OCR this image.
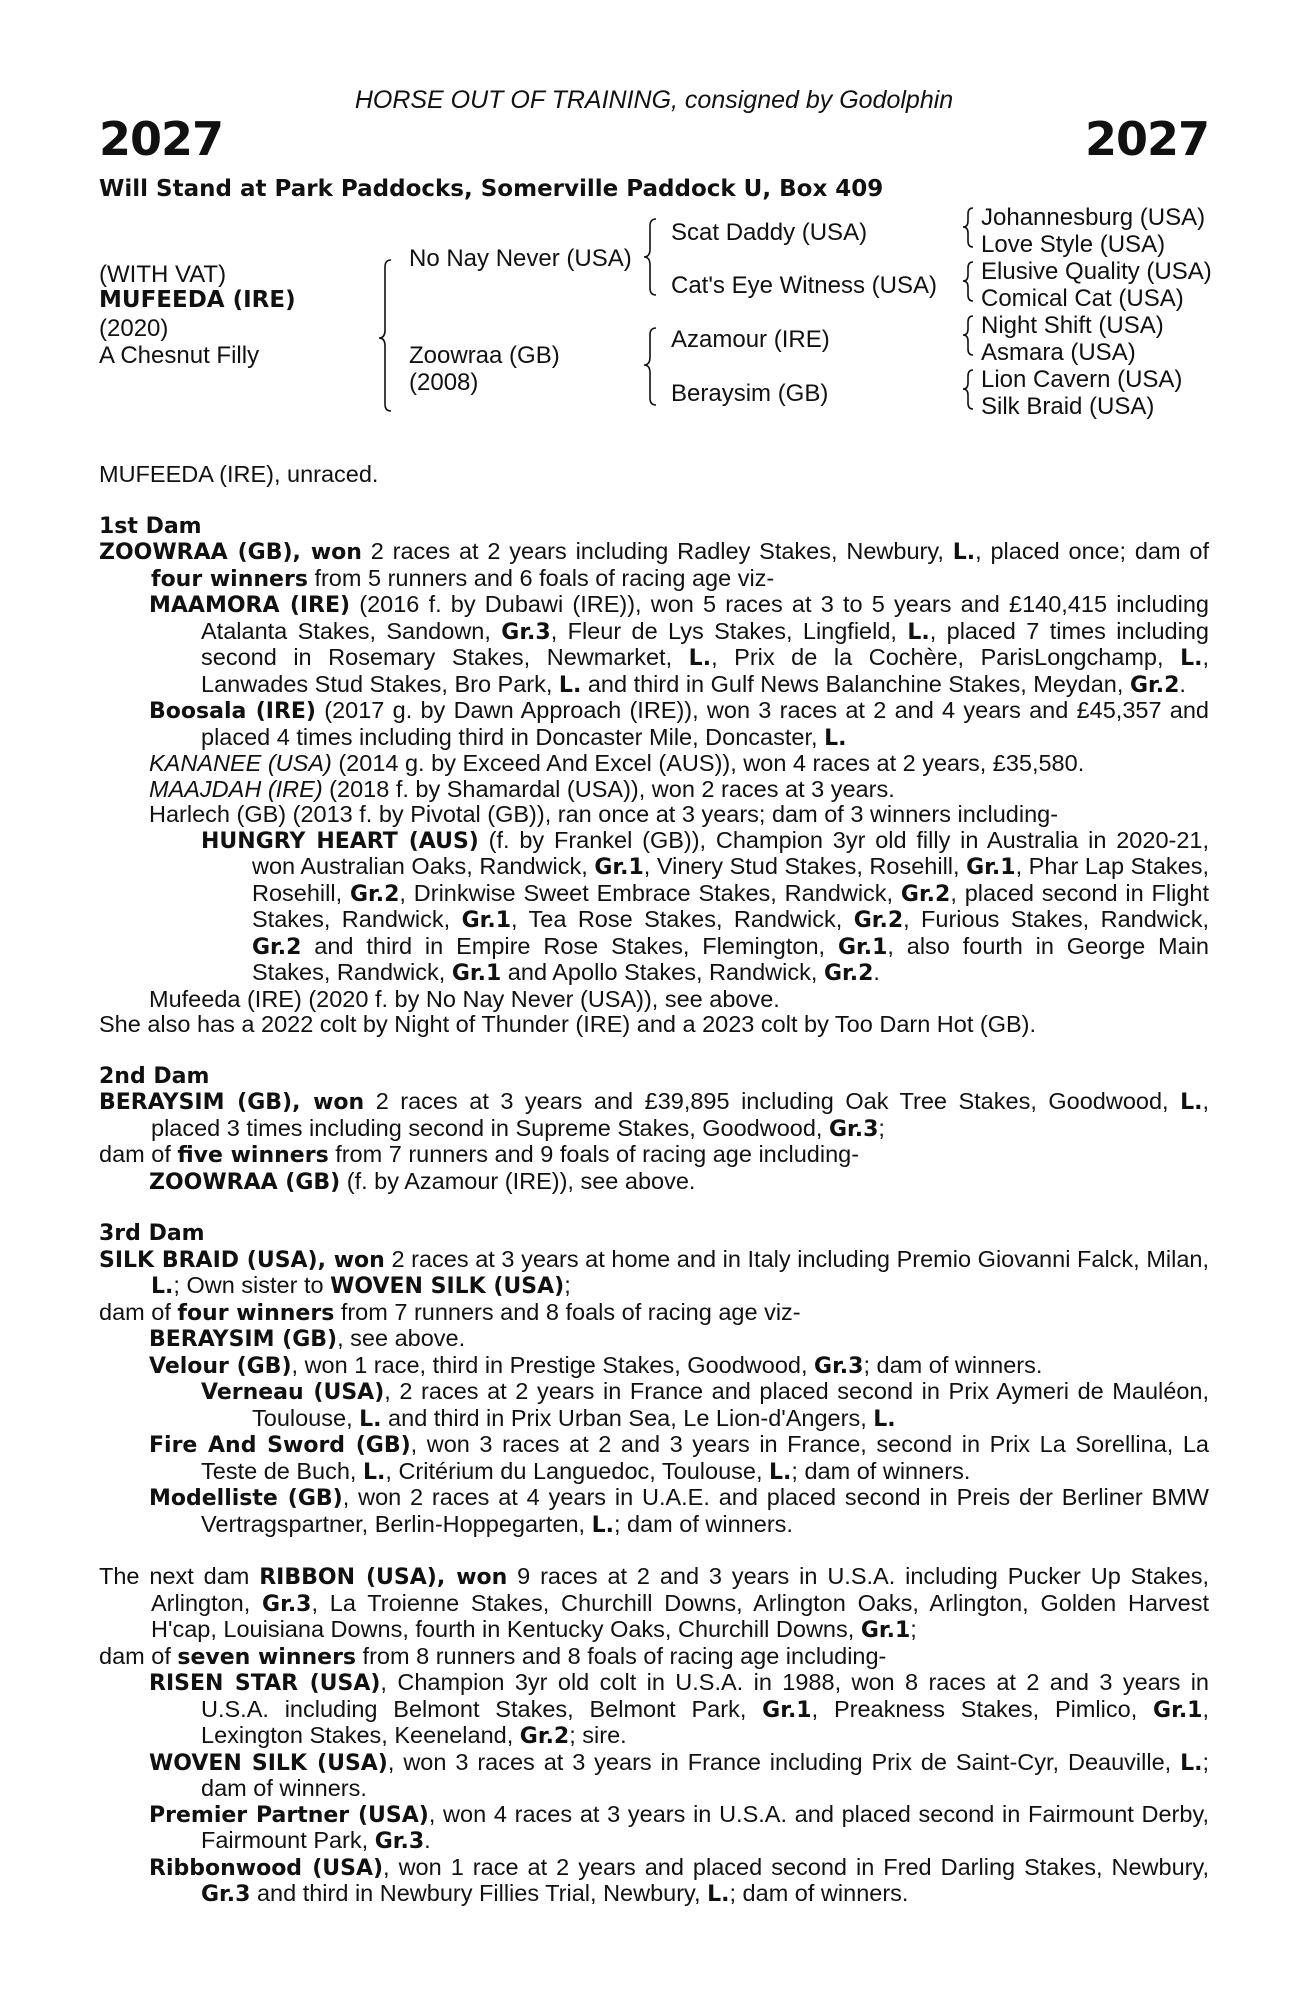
HORSE OUT OF TRAINING, consigned by Godolphin
2027	2027
Will Stand at Park Paddocks, Somerville Paddock U, Box 409
(WITH VAT)
MUFEEDA (IRE)
(2020)
A Chesnut Filly
No Nay Never (USA)
Zoowraa (GB)
(2008)
Scat Daddy (USA)
Cat's Eye Witness (USA)
Azamour (IRE)
Beraysim (GB)
Johannesburg (USA)
Love Style (USA)
Elusive Quality (USA)
Comical Cat (USA)
Night Shift (USA)
Asmara (USA)
Lion Cavern (USA)
Silk Braid (USA)

MUFEEDA (IRE), unraced.

1st Dam

ZOOWRAA (GB), won 2 races at 2 years including Radley Stakes, Newbury, L., placed once; dam of four winners from 5 runners and 6 foals of racing age viz-

MAAMORA (IRE) (2016 f. by Dubawi (IRE)), won 5 races at 3 to 5 years and £140,415 including Atalanta Stakes, Sandown, Gr.3, Fleur de Lys Stakes, Lingfield, L., placed 7 times including second in Rosemary Stakes, Newmarket, L., Prix de la Cochère, ParisLongchamp, L., Lanwades Stud Stakes, Bro Park, L. and third in Gulf News Balanchine Stakes, Meydan, Gr.2.

Boosala (IRE) (2017 g. by Dawn Approach (IRE)), won 3 races at 2 and 4 years and £45,357 and placed 4 times including third in Doncaster Mile, Doncaster, L.

KANANEE (USA) (2014 g. by Exceed And Excel (AUS)), won 4 races at 2 years, £35,580.

MAAJDAH (IRE) (2018 f. by Shamardal (USA)), won 2 races at 3 years.

Harlech (GB) (2013 f. by Pivotal (GB)), ran once at 3 years; dam of 3 winners including-

HUNGRY HEART (AUS) (f. by Frankel (GB)), Champion 3yr old filly in Australia in 2020-21, won Australian Oaks, Randwick, Gr.1, Vinery Stud Stakes, Rosehill, Gr.1, Phar Lap Stakes, Rosehill, Gr.2, Drinkwise Sweet Embrace Stakes, Randwick, Gr.2, placed second in Flight Stakes, Randwick, Gr.1, Tea Rose Stakes, Randwick, Gr.2, Furious Stakes, Randwick, Gr.2 and third in Empire Rose Stakes, Flemington, Gr.1, also fourth in George Main Stakes, Randwick, Gr.1 and Apollo Stakes, Randwick, Gr.2.

Mufeeda (IRE) (2020 f. by No Nay Never (USA)), see above.

She also has a 2022 colt by Night of Thunder (IRE) and a 2023 colt by Too Darn Hot (GB).

2nd Dam

BERAYSIM (GB), won 2 races at 3 years and £39,895 including Oak Tree Stakes, Goodwood, L., placed 3 times including second in Supreme Stakes, Goodwood, Gr.3;

dam of five winners from 7 runners and 9 foals of racing age including-

ZOOWRAA (GB) (f. by Azamour (IRE)), see above.

3rd Dam

SILK BRAID (USA), won 2 races at 3 years at home and in Italy including Premio Giovanni Falck, Milan, L.; Own sister to WOVEN SILK (USA);

dam of four winners from 7 runners and 8 foals of racing age viz-

BERAYSIM (GB), see above.

Velour (GB), won 1 race, third in Prestige Stakes, Goodwood, Gr.3; dam of winners.

Verneau (USA), 2 races at 2 years in France and placed second in Prix Aymeri de Mauléon, Toulouse, L. and third in Prix Urban Sea, Le Lion-d'Angers, L.

Fire And Sword (GB), won 3 races at 2 and 3 years in France, second in Prix La Sorellina, La Teste de Buch, L., Critérium du Languedoc, Toulouse, L.; dam of winners.

Modelliste (GB), won 2 races at 4 years in U.A.E. and placed second in Preis der Berliner BMW Vertragspartner, Berlin-Hoppegarten, L.; dam of winners.

The next dam RIBBON (USA), won 9 races at 2 and 3 years in U.S.A. including Pucker Up Stakes, Arlington, Gr.3, La Troienne Stakes, Churchill Downs, Arlington Oaks, Arlington, Golden Harvest H'cap, Louisiana Downs, fourth in Kentucky Oaks, Churchill Downs, Gr.1;

dam of seven winners from 8 runners and 8 foals of racing age including-

RISEN STAR (USA), Champion 3yr old colt in U.S.A. in 1988, won 8 races at 2 and 3 years in U.S.A. including Belmont Stakes, Belmont Park, Gr.1, Preakness Stakes, Pimlico, Gr.1, Lexington Stakes, Keeneland, Gr.2; sire.

WOVEN SILK (USA), won 3 races at 3 years in France including Prix de Saint-Cyr, Deauville, L.; dam of winners.

Premier Partner (USA), won 4 races at 3 years in U.S.A. and placed second in Fairmount Derby, Fairmount Park, Gr.3.

Ribbonwood (USA), won 1 race at 2 years and placed second in Fred Darling Stakes, Newbury, Gr.3 and third in Newbury Fillies Trial, Newbury, L.; dam of winners.
